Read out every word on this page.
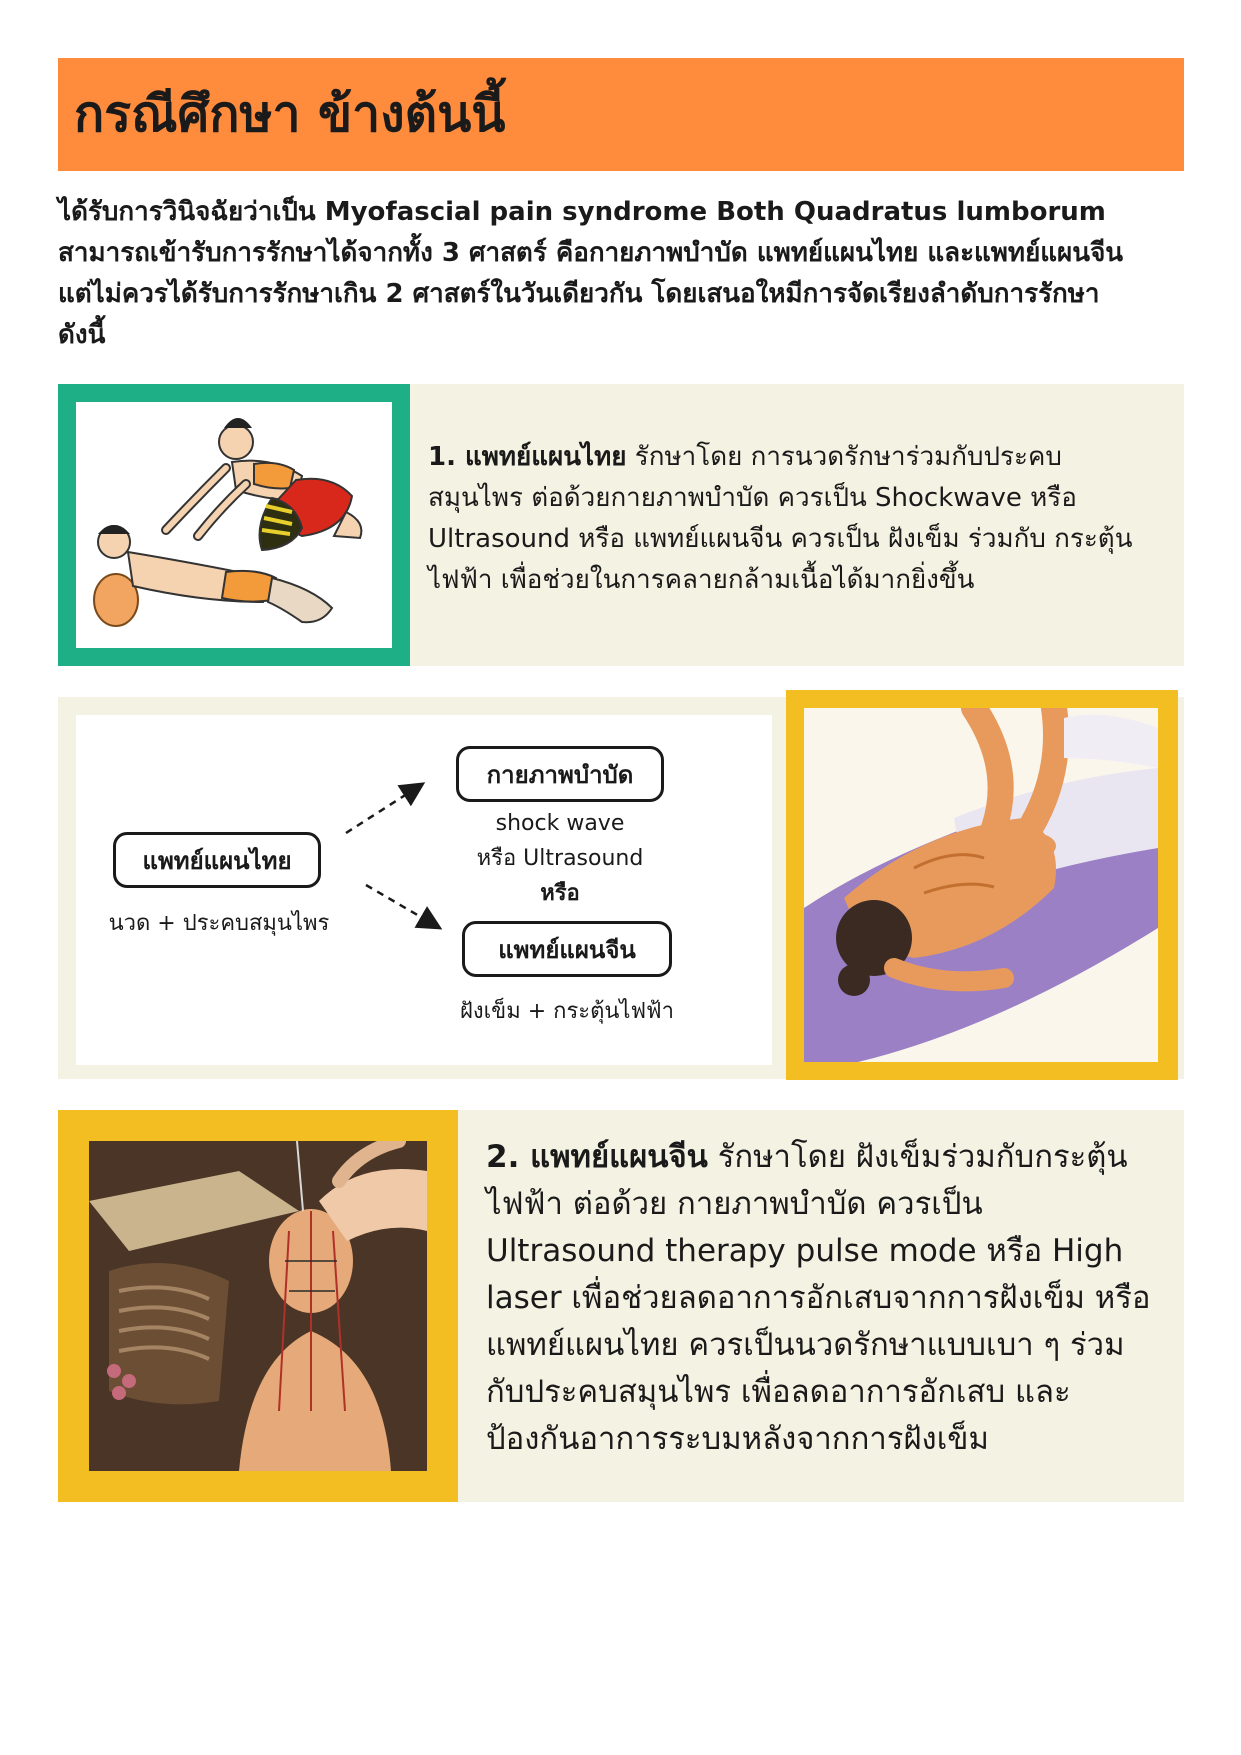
กรณีศึกษา ข้างต้นนี้

ได้รับการวินิจฉัยว่าเป็น Myofascial pain syndrome Both Quadratus lumborum

สามารถเข้ารับการรักษาได้จากทั้ง 3 ศาสตร์ คือกายภาพบำบัด แพทย์แผนไทย และแพทย์แผนจีน

แต่ไม่ควรได้รับการรักษาเกิน 2 ศาสตร์ในวันเดียวกัน โดยเสนอใหมีการจัดเรียงลำดับการรักษา

ดังนี้

1. แพทย์แผนไทย รักษาโดย การนวดรักษาร่วมกับประคบ

สมุนไพร ต่อด้วยกายภาพบำบัด ควรเป็น Shockwave หรือ

Ultrasound หรือ แพทย์แผนจีน ควรเป็น ฝังเข็ม ร่วมกับ กระตุ้น

ไฟฟ้า เพื่อช่วยในการคลายกล้ามเนื้อได้มากยิ่งขึ้น

แพทย์แผนไทย
นวด + ประคบสมุนไพร
กายภาพบำบัด
shock wave
หรือ Ultrasound
หรือ
แพทย์แผนจีน
ฝังเข็ม + กระตุ้นไฟฟ้า

2. แพทย์แผนจีน รักษาโดย ฝังเข็มร่วมกับกระตุ้น

ไฟฟ้า ต่อด้วย กายภาพบำบัด ควรเป็น

Ultrasound therapy pulse mode หรือ High

laser เพื่อช่วยลดอาการอักเสบจากการฝังเข็ม หรือ

แพทย์แผนไทย ควรเป็นนวดรักษาแบบเบา ๆ ร่วม

กับประคบสมุนไพร เพื่อลดอาการอักเสบ และ

ป้องกันอาการระบมหลังจากการฝังเข็ม
